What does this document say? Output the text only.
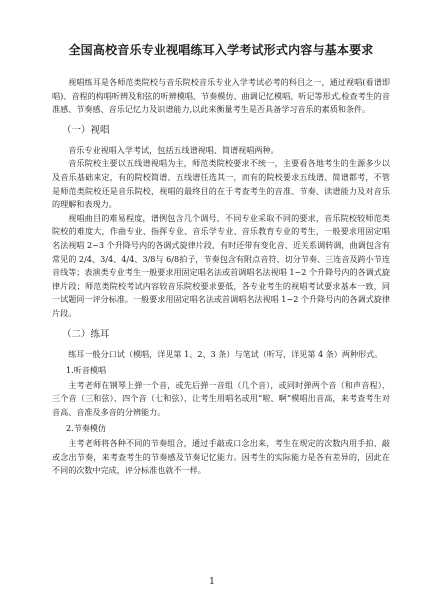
全国高校音乐专业视唱练耳入学考试形式内容与基本要求

视唱练耳是各师范类院校与音乐院校音乐专业入学考试必考的科目之一，通过视唱(看谱即唱)、音程的构唱听辨及和弦的听辨模唱、节奏模仿、曲调记忆模唱、听记等形式,检查考生的音准感、节奏感、音乐记忆力及识谱能力,以此来衡量考生是否具备学习音乐的素质和条件。

（一）视唱

音乐专业视唱入学考试，包括五线谱视唱、简谱视唱两种。

音乐院校主要以五线谱视唱为主，师范类院校要求不统一，主要看各地考生的生源多少以及音乐基础来定，有的院校简谱、五线谱任选其一，而有的院校要求五线谱、简谱都考，不管是师范类院校还是音乐院校，视唱的最终目的在于考查考生的音准、节奏、读谱能力及对音乐的理解和表现力。

视唱曲目的难易程度，谱例包含几个调号，不同专业采取不同的要求，音乐院校较师范类院校的难度大，作曲专业、指挥专业、音乐学专业、音乐教育专业的考生，一般要求用固定唱名法视唱 2~3 个升降号内的各调式旋律片段，有时还带有变化音、近关系调转调，曲调包含有常见的 2/4、3/4、4/4、3/8与 6/8拍子，节奏包含有附点音符、切分节奏、三连音及跨小节连音线等；表演类专业考生一般要求用固定唱名法或首调唱名法视唱 1~2 个升降号内的各调式旋律片段；师范类院校考试内容较音乐院校要求要低，各专业考生的视唱考试要求基本一致，同一试题同一评分标准。一般要求用固定唱名法或首调唱名法视唱 1~2 个升降号内的各调式旋律片段。

（二）练耳

练耳一般分口试（模唱，详见第 1、2、3 条）与笔试（听写，详见第 4 条）两种形式。

1.听音模唱

主考老师在钢琴上弹一个音，或先后弹一音组（几个音），或同时弹两个音（和声音程）、三个音（三和弦）、四个音（七和弦），让考生用唱名或用“啦、啊”模唱出音高，来考查考生对音高、音准及多音的分辨能力。

2.节奏模仿

主考老师将各种不同的节奏组合，通过手敲或口念出来，考生在规定的次数内用手拍、敲或念出节奏，来考查考生的节奏感及节奏记忆能力。因考生的实际能力是各有差异的，因此在不同的次数中完成，评分标准也就不一样。

1
